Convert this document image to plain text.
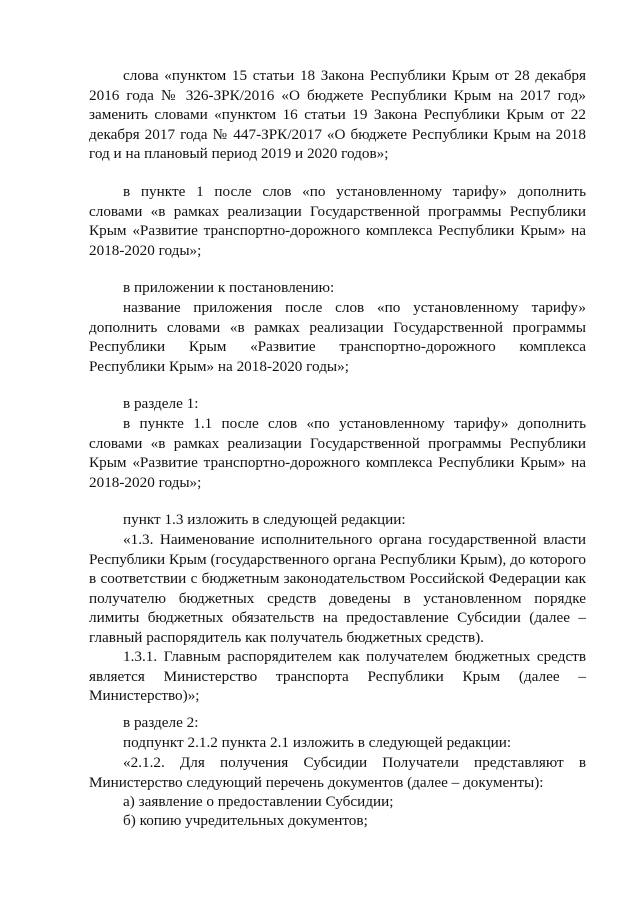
слова «пунктом 15 статьи 18 Закона Республики Крым от 28 декабря 2016 года № 326-ЗРК/2016 «О бюджете Республики Крым на 2017 год» заменить словами «пунктом 16 статьи 19 Закона Республики Крым от 22 декабря 2017 года № 447-ЗРК/2017 «О бюджете Республики Крым на 2018 год и на плановый период 2019 и 2020 годов»;

в пункте 1 после слов «по установленному тарифу» дополнить словами «в рамках реализации Государственной программы Республики Крым «Развитие транспортно-дорожного комплекса Республики Крым» на 2018-2020 годы»;

в приложении к постановлению:

название приложения после слов «по установленному тарифу» дополнить словами «в рамках реализации Государственной программы Республики Крым «Развитие транспортно-дорожного комплекса Республики Крым» на 2018-2020 годы»;

в разделе 1:

в пункте 1.1 после слов «по установленному тарифу» дополнить словами «в рамках реализации Государственной программы Республики Крым «Развитие транспортно-дорожного комплекса Республики Крым» на 2018-2020 годы»;

пункт 1.3 изложить в следующей редакции:

«1.3. Наименование исполнительного органа государственной власти Республики Крым (государственного органа Республики Крым), до которого в соответствии с бюджетным законодательством Российской Федерации как получателю бюджетных средств доведены в установленном порядке лимиты бюджетных обязательств на предоставление Субсидии (далее – главный распорядитель как получатель бюджетных средств).

1.3.1. Главным распорядителем как получателем бюджетных средств является Министерство транспорта Республики Крым (далее – Министерство)»;

в разделе 2:

подпункт 2.1.2 пункта 2.1 изложить в следующей редакции:

«2.1.2. Для получения Субсидии Получатели представляют в Министерство следующий перечень документов (далее – документы):

а) заявление о предоставлении Субсидии;

б) копию учредительных документов;
